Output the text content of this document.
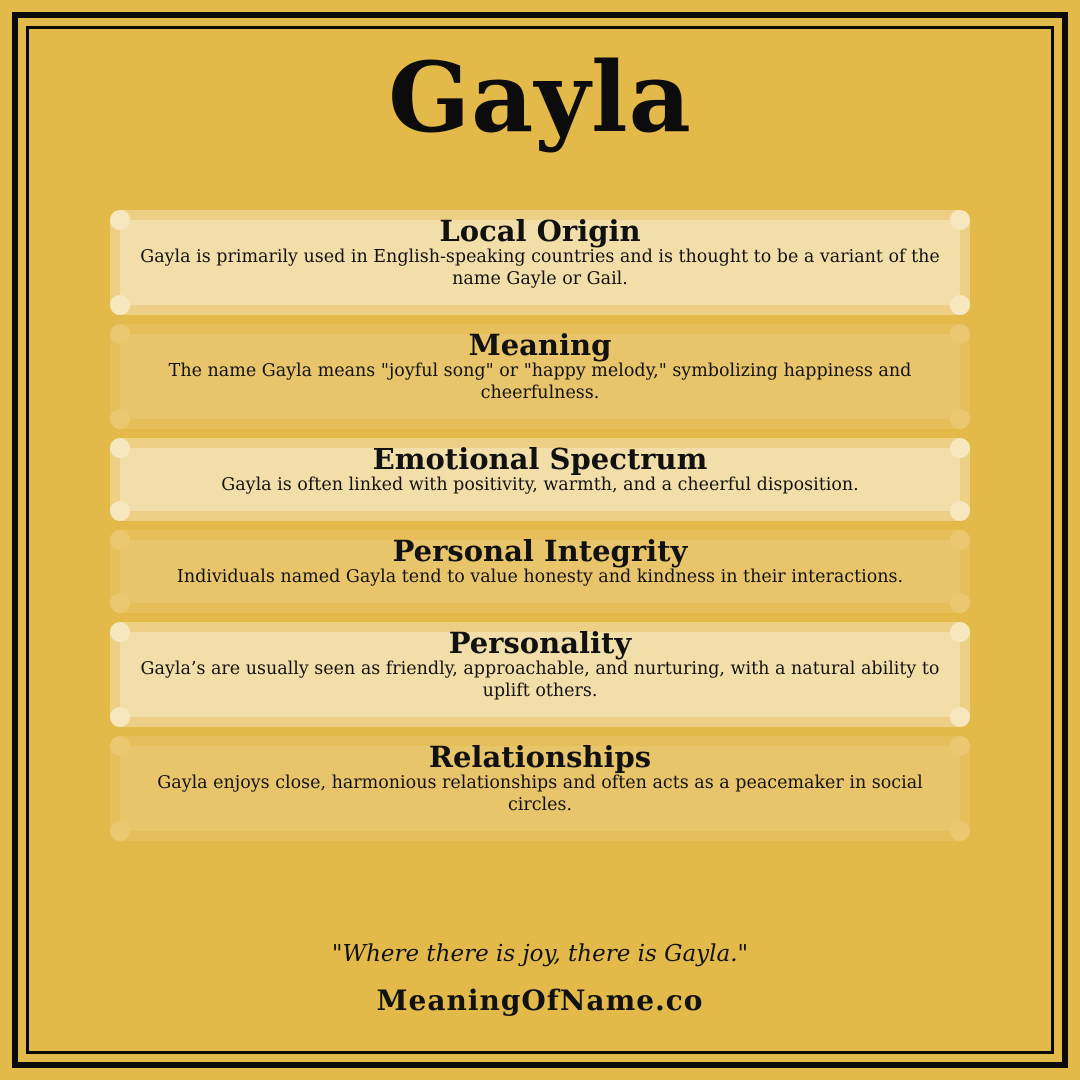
Gayla
Local Origin

Gayla is primarily used in English-speaking countries and is thought to be a variant of the name Gayle or Gail.

Meaning

The name Gayla means "joyful song" or "happy melody," symbolizing happiness and cheerfulness.

Emotional Spectrum

Gayla is often linked with positivity, warmth, and a cheerful disposition.

Personal Integrity

Individuals named Gayla tend to value honesty and kindness in their interactions.

Personality

Gayla’s are usually seen as friendly, approachable, and nurturing, with a natural ability to uplift others.

Relationships

Gayla enjoys close, harmonious relationships and often acts as a peacemaker in social circles.

"Where there is joy, there is Gayla."
MeaningOfName.co
